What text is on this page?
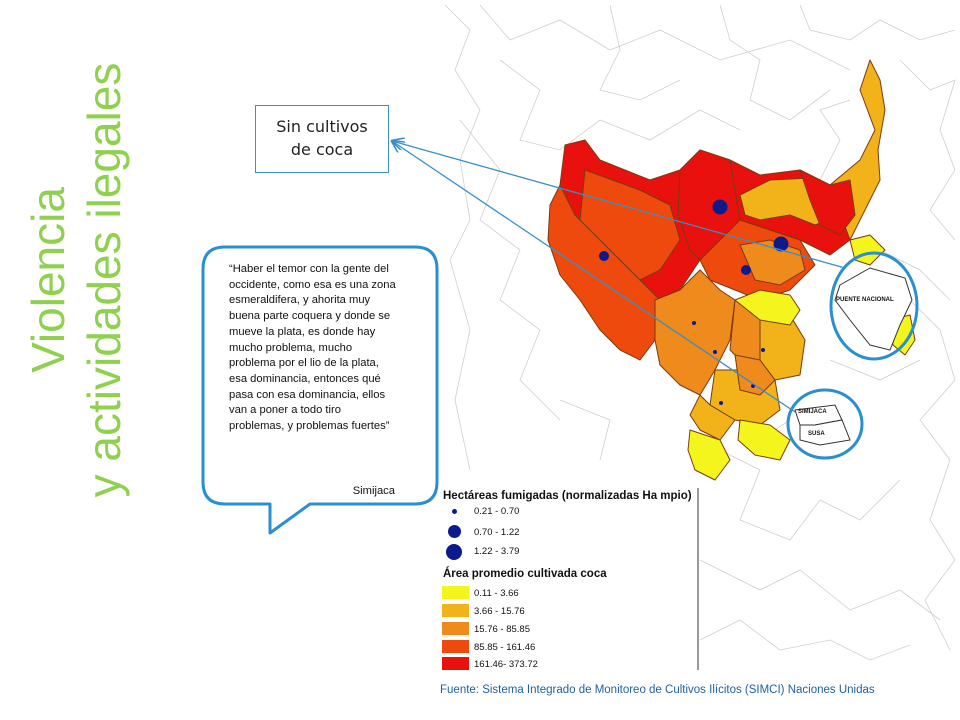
PUENTE NACIONAL
SIMIJACA
SUSA
Violencia y actividades ilegales	Sin cultivos
de coca
“Haber el temor con la gente del occidente, como esa es una zona esmeraldifera, y ahorita muy buena parte coquera y donde se mueve la plata, es donde hay mucho problema, mucho problema por el lio de la plata, esa dominancia, entonces qué pasa con esa dominancia, ellos van a poner a todo tiro problemas, y problemas fuertes”
Simijaca	Hectáreas fumigadas (normalizadas Ha mpio)
0.21 - 0.70
0.70 - 1.22
1.22 - 3.79
Área promedio cultivada coca
0.11 - 3.66
3.66 - 15.76
15.76 - 85.85
85.85 - 161.46
161.46- 373.72
Fuente: Sistema Integrado de Monitoreo de Cultivos Ilícitos (SIMCI) Naciones Unidas
